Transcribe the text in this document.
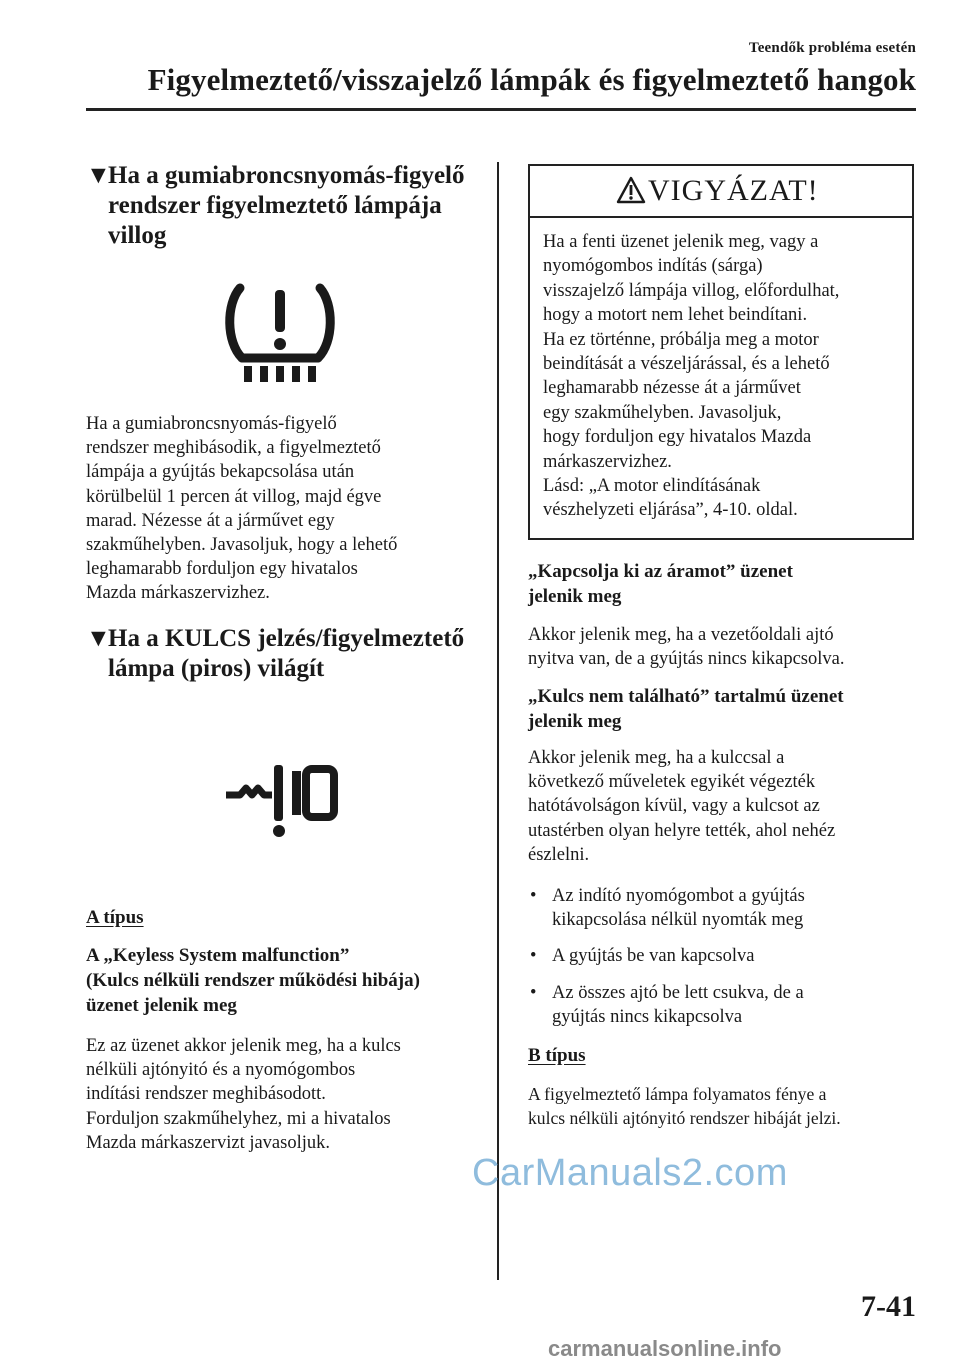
Teendők probléma esetén
Figyelmeztető/visszajelző lámpák és figyelmeztető hangok
▼
Ha a gumiabroncsnyomás-figyelő
rendszer figyelmeztető lámpája
villog
Ha a gumiabroncsnyomás-figyelő
rendszer meghibásodik, a figyelmeztető
lámpája a gyújtás bekapcsolása után
körülbelül 1 percen át villog, majd égve
marad. Nézesse át a járművet egy
szakműhelyben. Javasoljuk, hogy a lehető
leghamarabb forduljon egy hivatalos
Mazda márkaszervizhez.
▼
Ha a KULCS jelzés/figyelmeztető
lámpa (piros) világít
A típus
A „Keyless System malfunction”
(Kulcs nélküli rendszer működési hibája)
üzenet jelenik meg
Ez az üzenet akkor jelenik meg, ha a kulcs
nélküli ajtónyitó és a nyomógombos
indítási rendszer meghibásodott.
Forduljon szakműhelyhez, mi a hivatalos
Mazda márkaszervizt javasoljuk.
VIGYÁZAT!
Ha a fenti üzenet jelenik meg, vagy a
nyomógombos indítás (sárga)
visszajelző lámpája villog, előfordulhat,
hogy a motort nem lehet beindítani.
Ha ez történne, próbálja meg a motor
beindítását a vészeljárással, és a lehető
leghamarabb nézesse át a járművet
egy szakműhelyben. Javasoljuk,
hogy forduljon egy hivatalos Mazda
márkaszervizhez.
Lásd: „A motor elindításának
vészhelyzeti eljárása”, 4-10. oldal.
„Kapcsolja ki az áramot” üzenet
jelenik meg
Akkor jelenik meg, ha a vezetőoldali ajtó
nyitva van, de a gyújtás nincs kikapcsolva.
„Kulcs nem található” tartalmú üzenet
jelenik meg
Akkor jelenik meg, ha a kulccsal a
következő műveletek egyikét végezték
hatótávolságon kívül, vagy a kulcsot az
utastérben olyan helyre tették, ahol nehéz
észlelni.
• Az indító nyomógombot a gyújtás
kikapcsolása nélkül nyomták meg
• A gyújtás be van kapcsolva
• Az összes ajtó be lett csukva, de a
gyújtás nincs kikapcsolva
B típus
A figyelmeztető lámpa folyamatos fénye a
kulcs nélküli ajtónyitó rendszer hibáját jelzi.
7-41
CarManuals2.com
carmanualsonline.info
